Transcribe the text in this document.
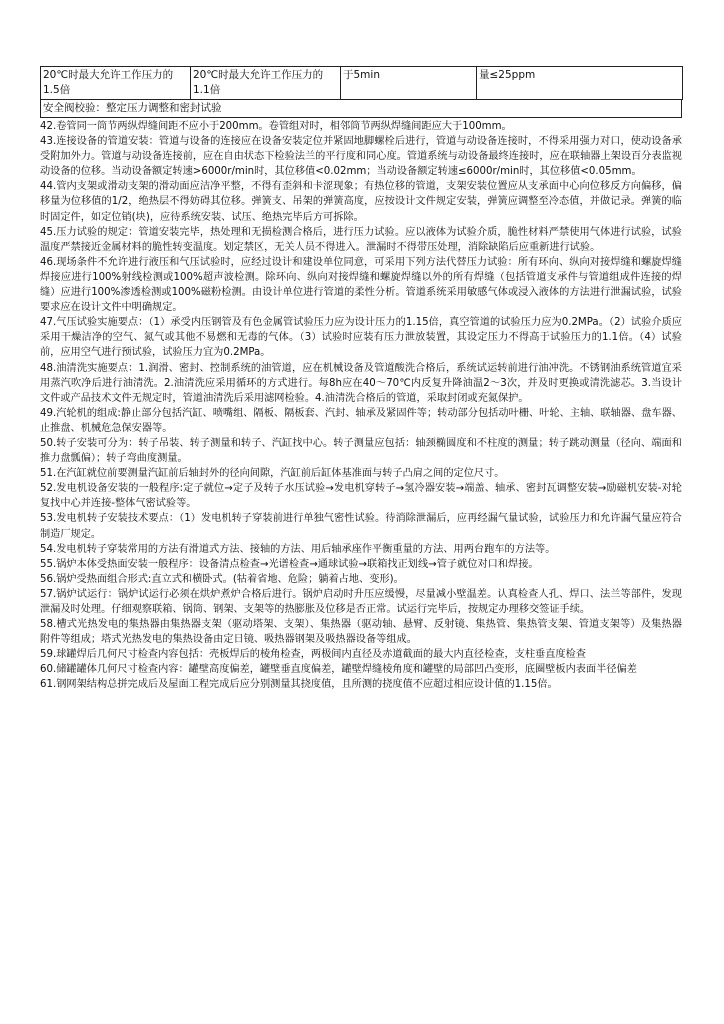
20℃时最大允许工作压力的1.5倍	20℃时最大允许工作压力的1.1倍	于5min	量≤25ppm
安全阀校验：整定压力调整和密封试验

42.卷管同一筒节两纵焊缝间距不应小于200mm。卷管组对时，相邻筒节两纵焊缝间距应大于100mm。

43.连接设备的管道安装：管道与设备的连接应在设备安装定位并紧固地脚螺栓后进行，管道与动设备连接时，不得采用强力对口，使动设备承受附加外力。管道与动设备连接前，应在自由状态下检验法兰的平行度和同心度。管道系统与动设备最终连接时，应在联轴器上架设百分表监视动设备的位移。当动设备额定转速>6000r/min时，其位移值<0.02mm；当动设备额定转速≤6000r/min时，其位移值<0.05mm。

44.管内支架或滑动支架的滑动面应洁净平整，不得有歪斜和卡涩现象；有热位移的管道，支架安装位置应从支承面中心向位移反方向偏移，偏移量为位移值的1/2，绝热层不得妨碍其位移。弹簧支、吊架的弹簧高度，应按设计文件规定安装，弹簧应调整至冷态值，并做记录。弹簧的临时固定件，如定位销(块)，应待系统安装、试压、绝热完毕后方可拆除。

45.压力试验的规定：管道安装完毕，热处理和无损检测合格后，进行压力试验。应以液体为试验介质，脆性材料严禁使用气体进行试验，试验温度严禁接近金属材料的脆性转变温度。划定禁区，无关人员不得进入。泄漏时不得带压处理，消除缺陷后应重新进行试验。

46.现场条件不允许进行液压和气压试验时，应经过设计和建设单位同意，可采用下列方法代替压力试验：所有环向、纵向对接焊缝和螺旋焊缝焊接应进行100%射线检测或100%超声波检测。除环向、纵向对接焊缝和螺旋焊缝以外的所有焊缝（包括管道支承件与管道组成件连接的焊缝）应进行100%渗透检测或100%磁粉检测。由设计单位进行管道的柔性分析。管道系统采用敏感气体或浸入液体的方法进行泄漏试验，试验要求应在设计文件中明确规定。

47.气压试验实施要点：（1）承受内压钢管及有色金属管试验压力应为设计压力的1.15倍，真空管道的试验压力应为0.2MPa。（2）试验介质应采用干燥洁净的空气、氮气或其他不易燃和无毒的气体。（3）试验时应装有压力泄放装置，其设定压力不得高于试验压力的1.1倍。（4）试验前，应用空气进行预试验，试验压力宜为0.2MPa。

48.油清洗实施要点：1.润滑、密封、控制系统的油管道，应在机械设备及管道酸洗合格后，系统试运转前进行油冲洗。不锈钢油系统管道宜采用蒸汽吹净后进行油清洗。2.油清洗应采用循环的方式进行。每8h应在40～70℃内反复升降油温2～3次，并及时更换或清洗滤芯。3.当设计文件或产品技术文件无规定时，管道油清洗后采用滤网检验。4.油清洗合格后的管道，采取封闭或充氮保护。

49.汽轮机的组成:静止部分包括汽缸、喷嘴组、隔板、隔板套、汽封、轴承及紧固件等；转动部分包括动叶栅、叶轮、主轴、联轴器、盘车器、止推盘、机械危急保安器等。

50.转子安装可分为：转子吊装、转子测量和转子、汽缸找中心。转子测量应包括：轴颈椭圆度和不柱度的测量；转子跳动测量（径向、端面和推力盘瓢偏）；转子弯曲度测量。

51.在汽缸就位前要测量汽缸前后轴封外的径向间隙，汽缸前后缸体基准面与转子凸肩之间的定位尺寸。

52.发电机设备安装的一般程序:定子就位→定子及转子水压试验→发电机穿转子→氢冷器安装→端盖、轴承、密封瓦调整安装→励磁机安装-对轮复找中心并连接-整体气密试验等。

53.发电机转子安装技术要点：（1）发电机转子穿装前进行单独气密性试验。待消除泄漏后，应再经漏气量试验，试验压力和允许漏气量应符合制造厂规定。

54.发电机转子穿装常用的方法有滑道式方法、接轴的方法、用后轴承座作平衡重量的方法、用两台跑车的方法等。

55.锅炉本体受热面安装一般程序：设备清点检查→光谱检查→通球试验→联箱找正划线→管子就位对口和焊接。

56.锅炉受热面组合形式:直立式和横卧式。(牯着省地、危险；躺着占地、变形)。

57.锅炉试运行：锅炉试运行必须在烘炉煮炉合格后进行。锅炉启动时升压应缓慢，尽量减小壁温差。认真检查人孔、焊口、法兰等部件，发现泄漏及时处理。仔细观察联箱、锅筒、钢架、支架等的热膨胀及位移是否正常。试运行完毕后，按规定办理移交签证手续。

58.槽式光热发电的集热器由集热器支架（驱动塔架、支架）、集热器（驱动轴、悬臂、反射镜、集热管、集热管支架、管道支架等）及集热器附件等组成；塔式光热发电的集热设备由定日镜、吸热器钢架及吸热器设备等组成。

59.球罐焊后几何尺寸检查内容包括：壳板焊后的棱角检查，两极间内直径及赤道截面的最大内直径检查，支柱垂直度检查

60.储罐罐体几何尺寸检查内容：罐壁高度偏差，罐壁垂直度偏差，罐壁焊缝棱角度和罐壁的局部凹凸变形，底圈壁板内表面半径偏差

61.钢网架结构总拼完成后及屋面工程完成后应分别测量其挠度值，且所测的挠度值不应超过相应设计值的1.15倍。
